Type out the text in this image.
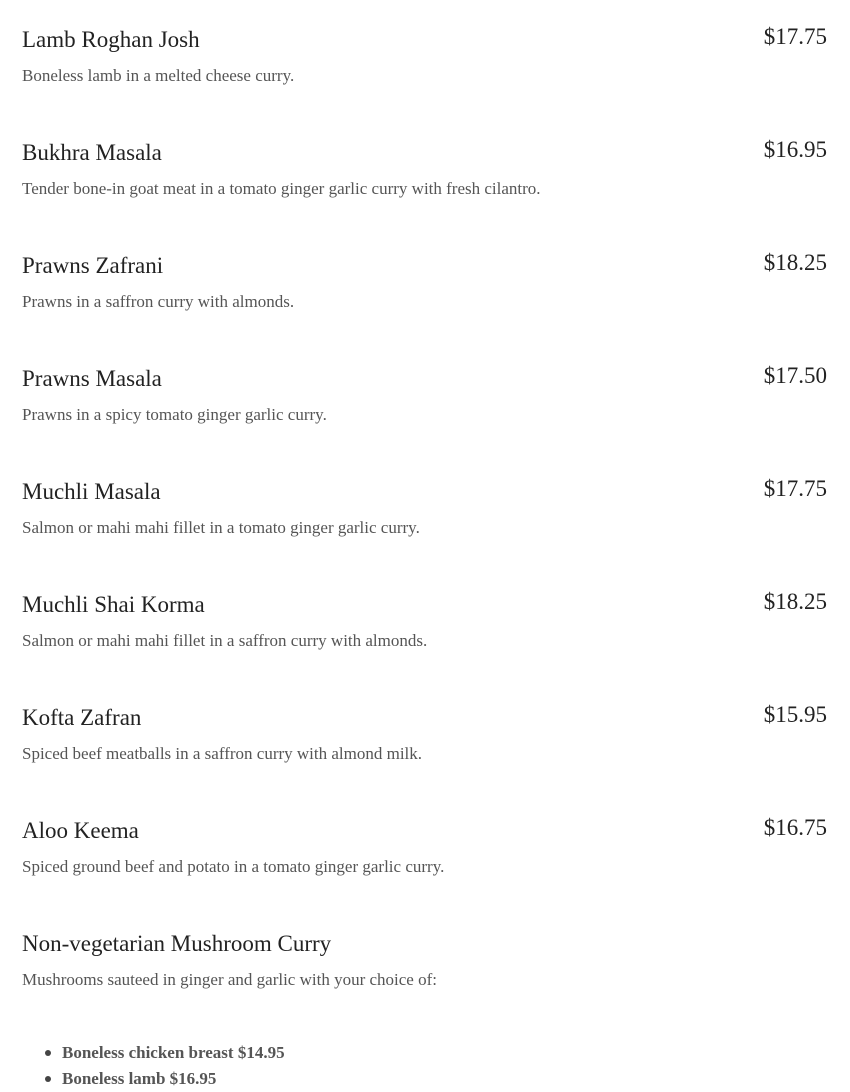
Lamb Roghan Josh	$17.75
Boneless lamb in a melted cheese curry.
Bukhra Masala	$16.95
Tender bone-in goat meat in a tomato ginger garlic curry with fresh cilantro.
Prawns Zafrani	$18.25
Prawns in a saffron curry with almonds.
Prawns Masala	$17.50
Prawns in a spicy tomato ginger garlic curry.
Muchli Masala	$17.75
Salmon or mahi mahi fillet in a tomato ginger garlic curry.
Muchli Shai Korma	$18.25
Salmon or mahi mahi fillet in a saffron curry with almonds.
Kofta Zafran	$15.95
Spiced beef meatballs in a saffron curry with almond milk.
Aloo Keema	$16.75
Spiced ground beef and potato in a tomato ginger garlic curry.
Non-vegetarian Mushroom Curry
Mushrooms sauteed in ginger and garlic with your choice of:
Boneless chicken breast $14.95
Boneless lamb $16.95
